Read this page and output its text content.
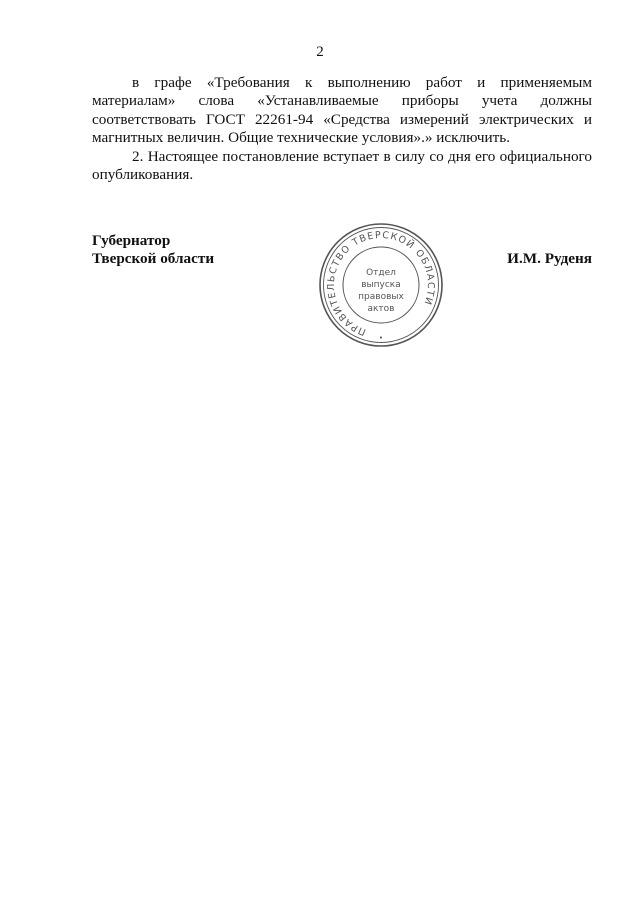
2

в графе «Требования к выполнению работ и применяемым материалам» слова «Устанавливаемые приборы учета должны соответствовать ГОСТ 22261-94 «Средства измерений электрических и магнитных величин. Общие технические условия».» исключить.

2. Настоящее постановление вступает в силу со дня его официального опубликования.

Губернатор
Тверской области
ПРАВИТЕЛЬСТВО ТВЕРСКОЙ ОБЛАСТИ
•
Отдел
выпуска
правовых
актов
И.М. Руденя
